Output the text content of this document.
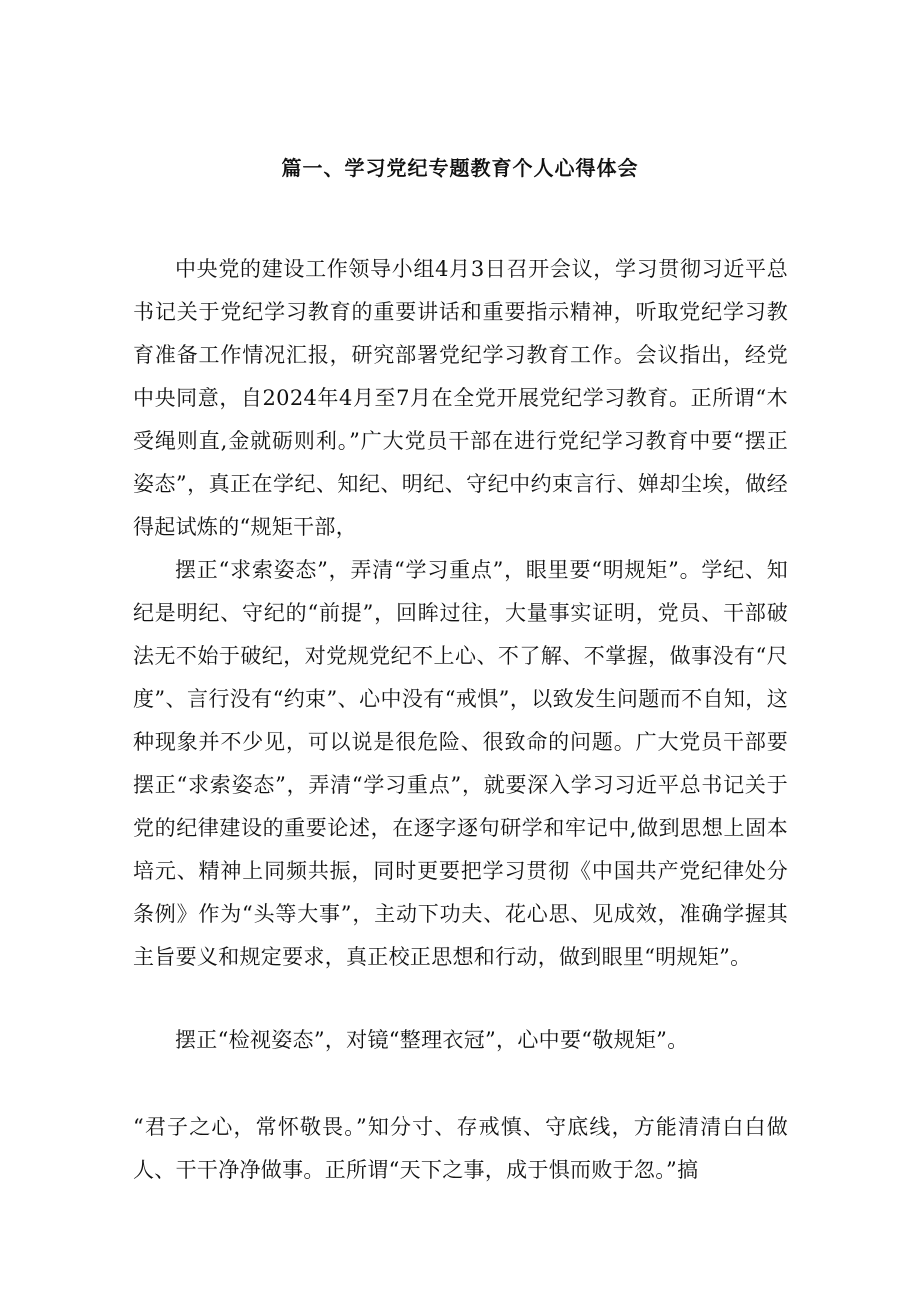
篇一、学习党纪专题教育个人心得体会

中央党的建设工作领导小组4月3日召开会议，学习贯彻习近平总书记关于党纪学习教育的重要讲话和重要指示精神，听取党纪学习教育准备工作情况汇报，研究部署党纪学习教育工作。会议指出，经党中央同意，自2024年4月至7月在全党开展党纪学习教育。正所谓“木受绳则直,金就砺则利。”广大党员干部在进行党纪学习教育中要“摆正姿态”，真正在学纪、知纪、明纪、守纪中约束言行、婵却尘埃，做经得起试炼的“规矩干部，

摆正“求索姿态”，弄清“学习重点”，眼里要“明规矩”。学纪、知纪是明纪、守纪的“前提”，回眸过往，大量事实证明，党员、干部破法无不始于破纪，对党规党纪不上心、不了解、不掌握，做事没有“尺度”、言行没有“约束”、心中没有“戒惧”，以致发生问题而不自知，这种现象并不少见，可以说是很危险、很致命的问题。广大党员干部要摆正“求索姿态”，弄清“学习重点”，就要深入学习习近平总书记关于党的纪律建设的重要论述，在逐字逐句研学和牢记中,做到思想上固本培元、精神上同频共振，同时更要把学习贯彻《中国共产党纪律处分条例》作为“头等大事”，主动下功夫、花心思、见成效，准确学握其主旨要义和规定要求，真正校正思想和行动，做到眼里“明规矩”。

摆正“检视姿态”，对镜“整理衣冠”，心中要“敬规矩”。

“君子之心，常怀敬畏。”知分寸、存戒慎、守底线，方能清清白白做人、干干净净做事。正所谓“天下之事，成于惧而败于忽。”搞
